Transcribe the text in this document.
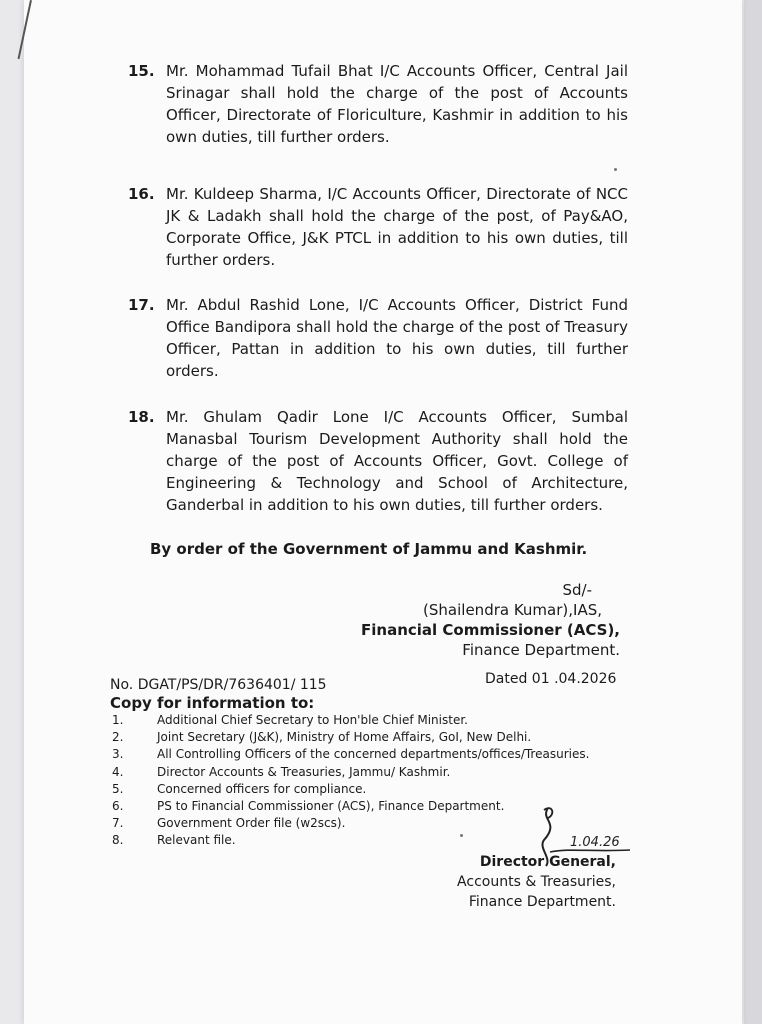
15. Mr. Mohammad Tufail Bhat I/C Accounts Officer, Central Jail Srinagar shall hold the charge of the post of Accounts Officer, Directorate of Floriculture, Kashmir in addition to his own duties, till further orders.
16. Mr. Kuldeep Sharma, I/C Accounts Officer, Directorate of NCC JK & Ladakh shall hold the charge of the post, of Pay&AO, Corporate Office, J&K PTCL in addition to his own duties, till further orders.
17. Mr. Abdul Rashid Lone, I/C Accounts Officer, District Fund Office Bandipora shall hold the charge of the post of Treasury Officer, Pattan in addition to his own duties, till further orders.
18. Mr. Ghulam Qadir Lone I/C Accounts Officer, Sumbal Manasbal Tourism Development Authority shall hold the charge of the post of Accounts Officer, Govt. College of Engineering & Technology and School of Architecture, Ganderbal in addition to his own duties, till further orders.
By order of the Government of Jammu and Kashmir.
Sd/-
(Shailendra Kumar),IAS,
Financial Commissioner (ACS),
Finance Department.
No. DGAT/PS/DR/7636401/ 115	Dated 01 .04.2026
Copy for information to:
1.	Additional Chief Secretary to Hon'ble Chief Minister.
2.	Joint Secretary (J&K), Ministry of Home Affairs, GoI, New Delhi.
3.	All Controlling Officers of the concerned departments/offices/Treasuries.
4.	Director Accounts & Treasuries, Jammu/ Kashmir.
5.	Concerned officers for compliance.
6.	PS to Financial Commissioner (ACS), Finance Department.
7.	Government Order file (w2scs).
8.	Relevant file.	1.04.26
Director General,
Accounts & Treasuries,
Finance Department.
